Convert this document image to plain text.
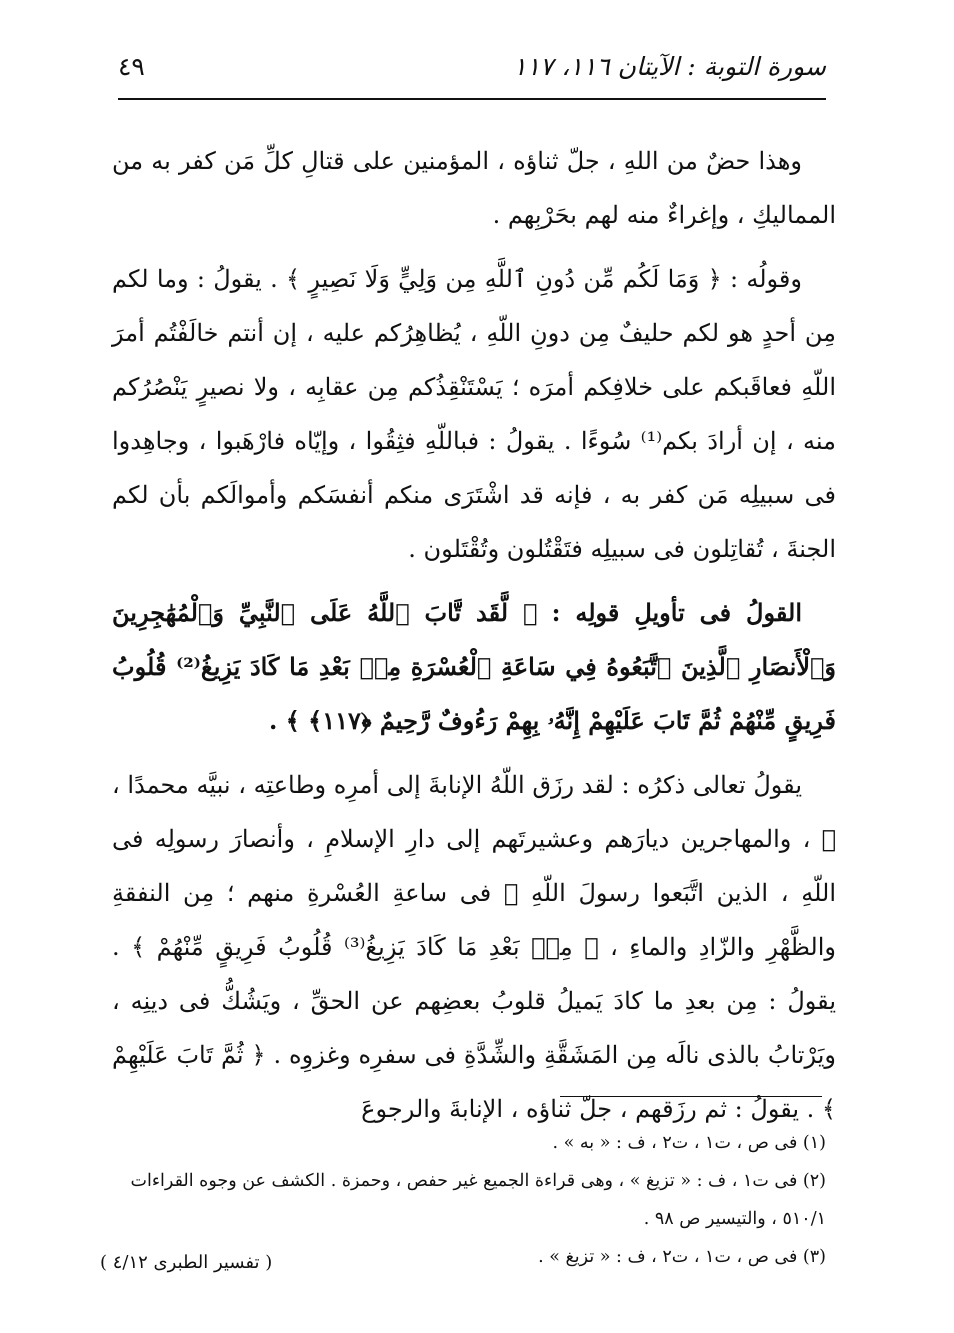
٤٩	سورة التوبة : الآيتان ١١٦، ١١٧

وهذا حضٌ من اللهِ ، جلّ ثناؤه ، المؤمنين على قتالِ كلِّ مَن كفر به من المماليكِ ، وإغراءٌ منه لهم بحَرْبِهم .

وقولُه : ﴿ وَمَا لَكُم مِّن دُونِ ٱللَّهِ مِن وَلِيٍّ وَلَا نَصِيرٍ ﴾ . يقولُ : وما لكم مِن أحدٍ هو لكم حليفٌ مِن دونِ اللّهِ ، يُظاهِرُكم عليه ، إن أنتم خالَفْتُم أمرَ اللّهِ فعاقَبكم على خلافِكم أمرَه ؛ يَسْتَنْقِذُكم مِن عقابِه ، ولا نصيرٍ يَنْصُرُكم منه ، إن أرادَ بكم⁽¹⁾ سُوءًا . يقولُ : فباللّهِ فثِقُوا ، وإيّاه فارْهَبوا ، وجاهِدوا فى سبيلِه مَن كفر به ، فإنه قد اشْتَرَى منكم أنفسَكم وأموالَكم بأن لكم الجنةَ ، تُقاتِلون فى سبيلِه فتَقْتُلون وتُقْتَلون .

القولُ فى تأويلِ قولِه : ﴿ لَّقَد تَّابَ ٱللَّهُ عَلَى ٱلنَّبِيِّ وَٱلْمُهَٰجِرِينَ وَٱلْأَنصَارِ ٱلَّذِينَ ٱتَّبَعُوهُ فِي سَاعَةِ ٱلْعُسْرَةِ مِنۢ بَعْدِ مَا كَادَ يَزِيغُ⁽²⁾ قُلُوبُ فَرِيقٍ مِّنْهُمْ ثُمَّ تَابَ عَلَيْهِمْ إِنَّهُۥ بِهِمْ رَءُوفٌ رَّحِيمٌ ﴿١١٧﴾ ﴾ .

يقولُ تعالى ذكرُه : لقد رزَق اللّهُ الإنابةَ إلى أمرِه وطاعتِه ، نبيَّه محمدًا ، ﷺ ، والمهاجرين ديارَهم وعشيرتَهم إلى دارِ الإسلامِ ، وأنصارَ رسولِه فى اللّهِ ، الذين اتَّبَعوا رسولَ اللّهِ ﷺ فى ساعةِ العُسْرةِ منهم ؛ مِن النفقةِ والظَّهْرِ والزّادِ والماءِ ، ﴿ مِنۢ بَعْدِ مَا كَادَ يَزِيغُ⁽³⁾ قُلُوبُ فَرِيقٍ مِّنْهُمْ ﴾ . يقولُ : مِن بعدِ ما كادَ يَميلُ قلوبُ بعضِهم عن الحقِّ ، ويَشُكُّ فى دينِه ، ويَرْتابُ بالذى نالَه مِن المَشَقَّةِ والشِّدَّةِ فى سفرِه وغزوِه . ﴿ ثُمَّ تَابَ عَلَيْهِمْ ﴾ . يقولُ : ثم رزَقهم ، جلّ ثناؤه ، الإنابةَ والرجوعَ

(١) فى ص ، ت١ ، ت٢ ، ف : « به » .

(٢) فى ت١ ، ف : « تزيغ » ، وهى قراءة الجميع غير حفص ، وحمزة . الكشف عن وجوه القراءات ٥١٠/١ ، والتيسير ص ٩٨ .

(٣) فى ص ، ت١ ، ت٢ ، ف : « تزيغ » .

( تفسير الطبرى ٤/١٢ )
